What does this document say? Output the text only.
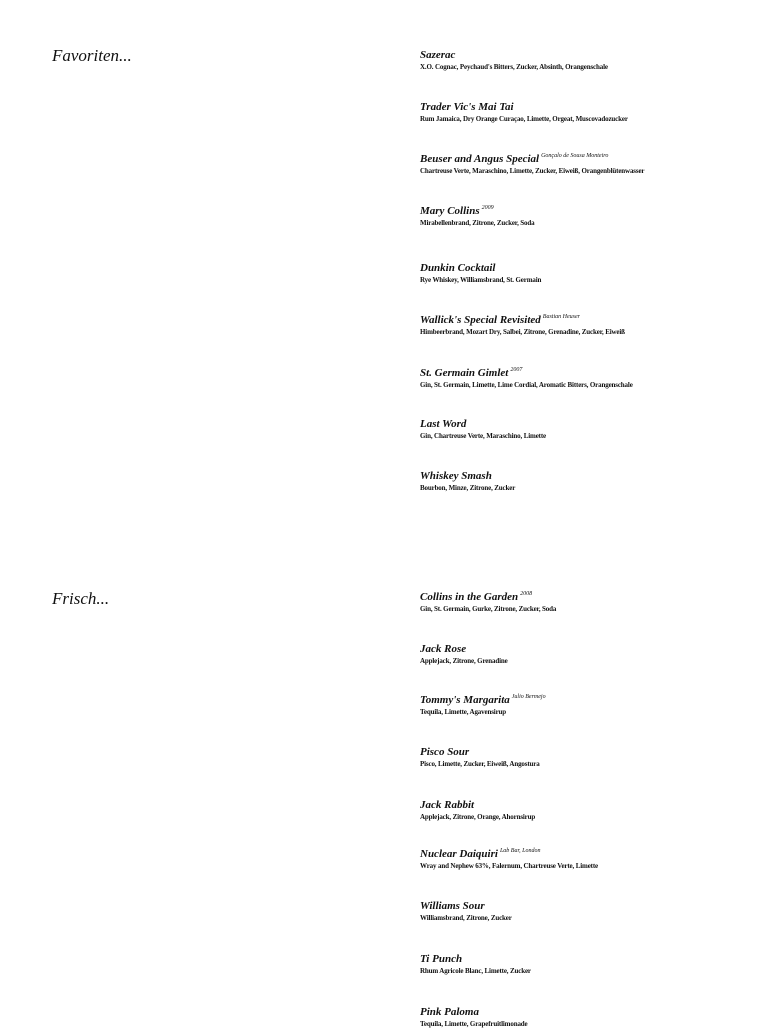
Favoriten...	Sazerac
X.O. Cognac, Peychaud's Bitters, Zucker, Absinth, Orangenschale
Trader Vic's Mai Tai
Rum Jamaica, Dry Orange Curaçao, Limette, Orgeat, Muscovadozucker
Beuser and Angus Special $^{Gonçalo de Sousa Monteiro}$
Chartreuse Verte, Maraschino, Limette, Zucker, Eiweiß, Orangenblütenwasser
Mary Collins $^{2009}$
Mirabellenbrand, Zitrone, Zucker, Soda
Dunkin Cocktail
Rye Whiskey, Williamsbrand, St. Germain
Wallick's Special Revisited $^{Bastian Heuser}$
Himbeerbrand, Mozart Dry, Salbei, Zitrone, Grenadine, Zucker, Eiweiß
St. Germain Gimlet $^{2007}$
Gin, St. Germain, Limette, Lime Cordial, Aromatic Bitters, Orangenschale
Last Word
Gin, Chartreuse Verte, Maraschino, Limette
Whiskey Smash
Bourbon, Minze, Zitrone, Zucker
Frisch...	Collins in the Garden $^{2008}$
Gin, St. Germain, Gurke, Zitrone, Zucker, Soda
Jack Rose
Applejack, Zitrone, Grenadine
Tommy's Margarita $^{Julio Bermejo}$
Tequila, Limette, Agavensirup
Pisco Sour
Pisco, Limette, Zucker, Eiweiß, Angostura
Jack Rabbit
Applejack, Zitrone, Orange, Ahornsirup
Nuclear Daiquiri $^{Lab Bar, London}$
Wray and Nephew 63%, Falernum, Chartreuse Verte, Limette
Williams Sour
Williamsbrand, Zitrone, Zucker
Ti Punch
Rhum Agricole Blanc, Limette, Zucker
Pink Paloma
Tequila, Limette, Grapefruitlimonade
